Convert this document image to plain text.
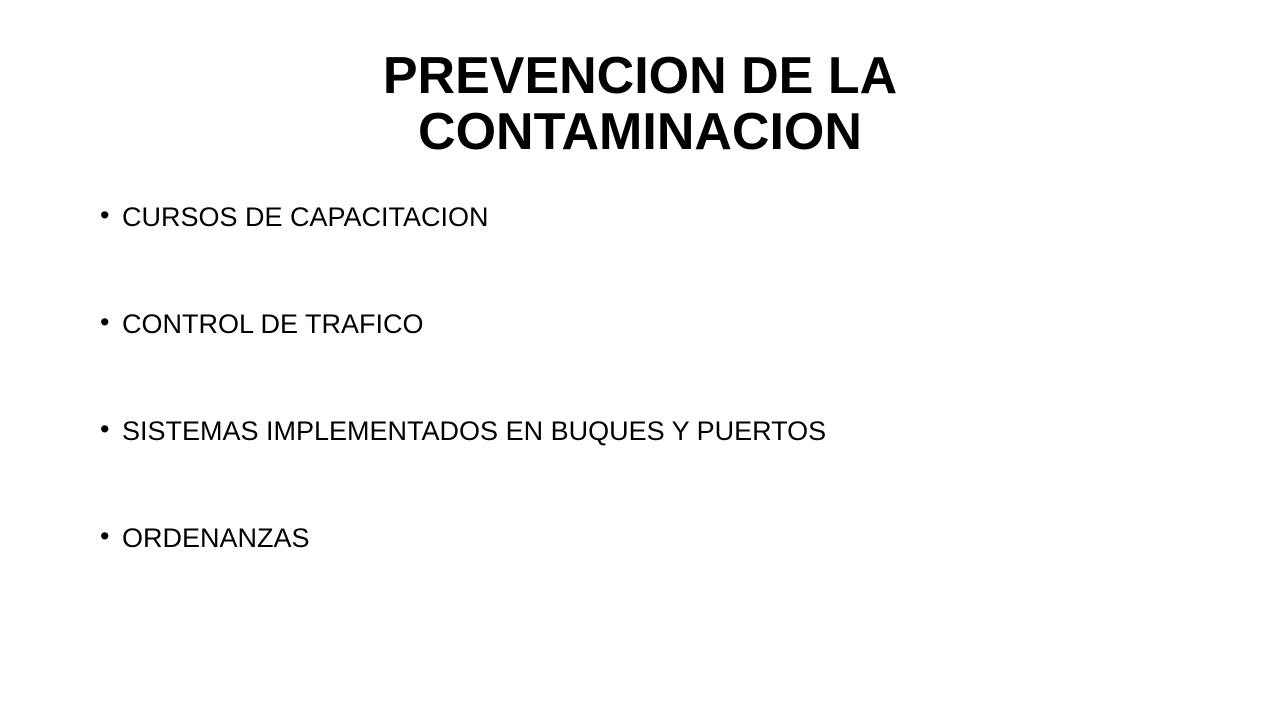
PREVENCION DE LA
CONTAMINACION
• CURSOS DE CAPACITACION
• CONTROL DE TRAFICO
• SISTEMAS IMPLEMENTADOS EN BUQUES Y PUERTOS
• ORDENANZAS
